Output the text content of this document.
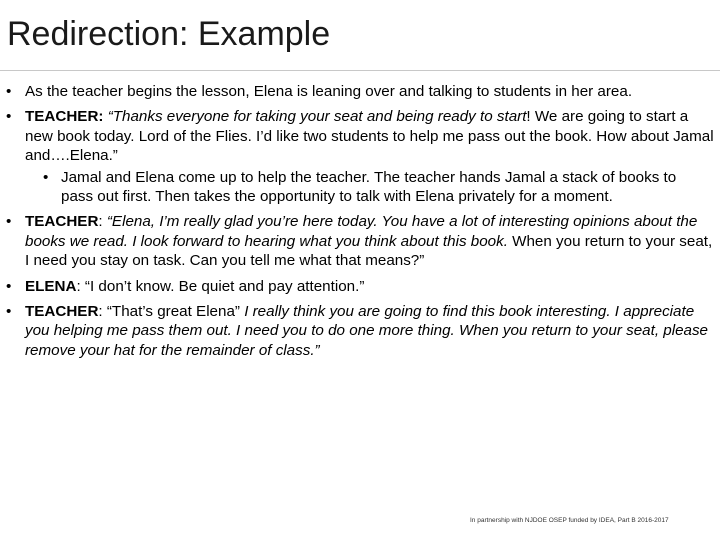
Redirection: Example
• As the teacher begins the lesson, Elena is leaning over and talking to students in her area.
• TEACHER: “Thanks everyone for taking your seat and being ready to start! We are going to start a new book today. Lord of the Flies. I’d like two students to help me pass out the book. How about Jamal and….Elena.”
• Jamal and Elena come up to help the teacher. The teacher hands Jamal a stack of books to pass out first. Then takes the opportunity to talk with Elena privately for a moment.
• TEACHER: “Elena, I’m really glad you’re here today. You have a lot of interesting opinions about the books we read. I look forward to hearing what you think about this book. When you return to your seat, I need you stay on task. Can you tell me what that means?”
• ELENA: “I don’t know. Be quiet and pay attention.”
• TEACHER: “That’s great Elena” I really think you are going to find this book interesting. I appreciate you helping me pass them out. I need you to do one more thing. When you return to your seat, please remove your hat for the remainder of class.”
In partnership with NJDOE OSEP funded by IDEA, Part B 2016-2017
